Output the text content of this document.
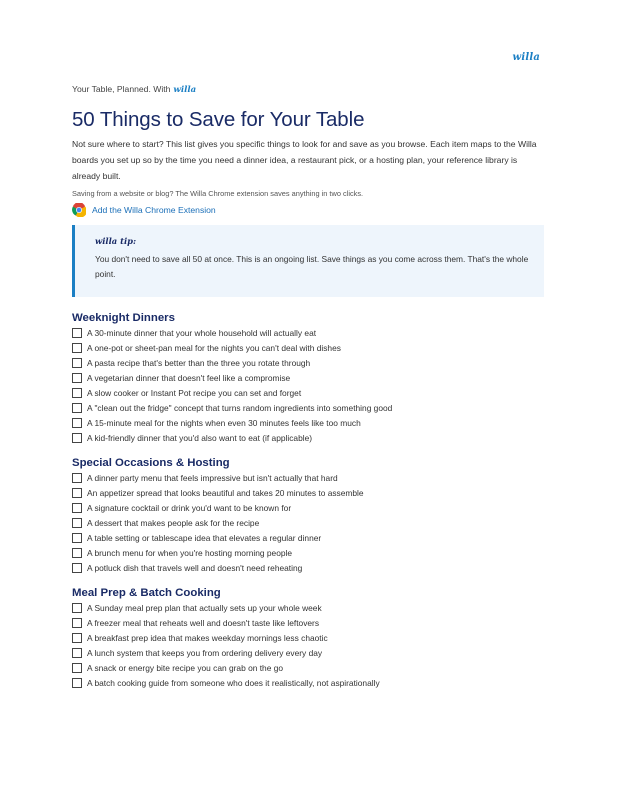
willa
Your Table, Planned. With willa
50 Things to Save for Your Table

Not sure where to start? This list gives you specific things to look for and save as you browse. Each item maps to the Willa boards you set up so by the time you need a dinner idea, a restaurant pick, or a hosting plan, your reference library is already built.

Saving from a website or blog? The Willa Chrome extension saves anything in two clicks.

Add the Willa Chrome Extension
willa tip:
You don't need to save all 50 at once. This is an ongoing list. Save things as you come across them. That's the whole point.
Weeknight Dinners
A 30-minute dinner that your whole household will actually eat
A one-pot or sheet-pan meal for the nights you can't deal with dishes
A pasta recipe that's better than the three you rotate through
A vegetarian dinner that doesn't feel like a compromise
A slow cooker or Instant Pot recipe you can set and forget
A "clean out the fridge" concept that turns random ingredients into something good
A 15-minute meal for the nights when even 30 minutes feels like too much
A kid-friendly dinner that you'd also want to eat (if applicable)
Special Occasions & Hosting
A dinner party menu that feels impressive but isn't actually that hard
An appetizer spread that looks beautiful and takes 20 minutes to assemble
A signature cocktail or drink you'd want to be known for
A dessert that makes people ask for the recipe
A table setting or tablescape idea that elevates a regular dinner
A brunch menu for when you're hosting morning people
A potluck dish that travels well and doesn't need reheating
Meal Prep & Batch Cooking
A Sunday meal prep plan that actually sets up your whole week
A freezer meal that reheats well and doesn't taste like leftovers
A breakfast prep idea that makes weekday mornings less chaotic
A lunch system that keeps you from ordering delivery every day
A snack or energy bite recipe you can grab on the go
A batch cooking guide from someone who does it realistically, not aspirationally
